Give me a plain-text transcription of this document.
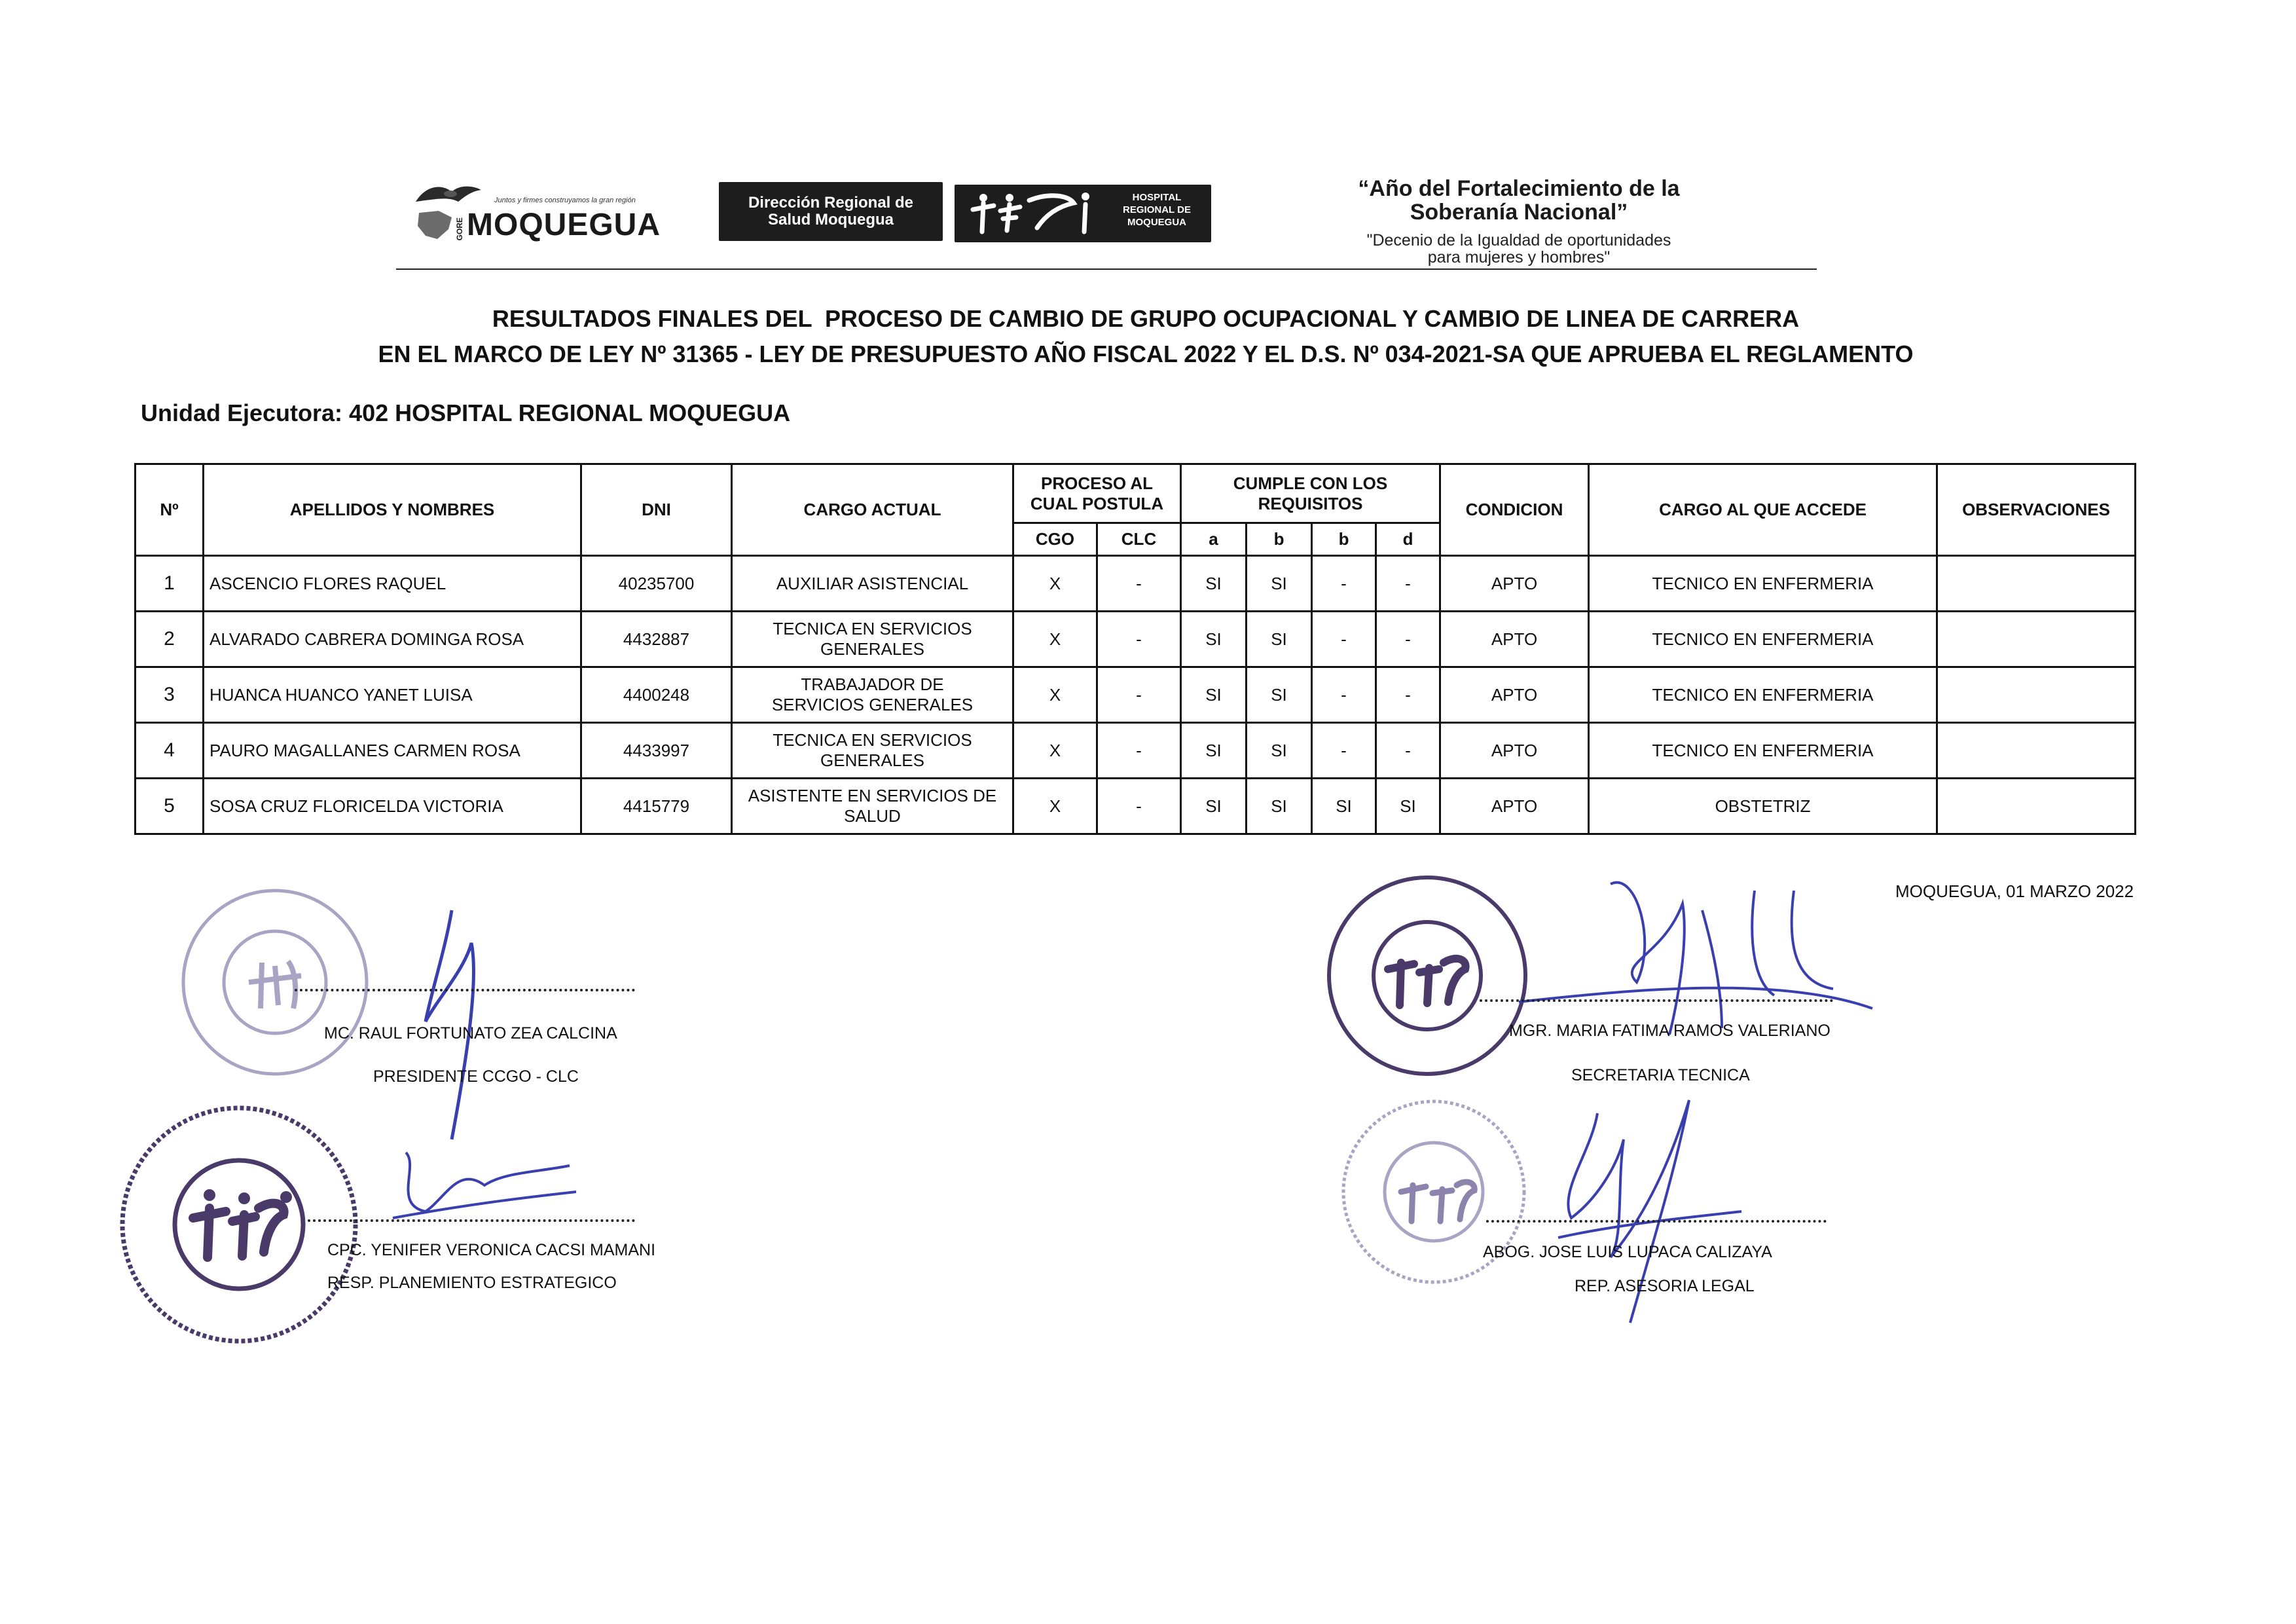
Juntos y firmes construyamos la gran región
GORE MOQUEGUA
Dirección Regional de
Salud Moquegua
HOSPITAL
REGIONAL DE
MOQUEGUA
“Año del Fortalecimiento de la
Soberanía Nacional”
"Decenio de la Igualdad de oportunidades
para mujeres y hombres"
RESULTADOS FINALES DEL  PROCESO DE CAMBIO DE GRUPO OCUPACIONAL Y CAMBIO DE LINEA DE CARRERA
EN EL MARCO DE LEY Nº 31365 - LEY DE PRESUPUESTO AÑO FISCAL 2022 Y EL D.S. Nº 034-2021-SA QUE APRUEBA EL REGLAMENTO
Unidad Ejecutora: 402 HOSPITAL REGIONAL MOQUEGUA
Nº	APELLIDOS Y NOMBRES	DNI	CARGO ACTUAL	PROCESO AL CUAL POSTULA		CUMPLE CON LOS REQUISITOS				CONDICION	CARGO AL QUE ACCEDE	OBSERVACIONES
				CGO	CLC	a	b	b	d			
1	ASCENCIO FLORES RAQUEL	40235700	AUXILIAR ASISTENCIAL	X	-	SI	SI	-	-	APTO	TECNICO EN ENFERMERIA	
2	ALVARADO CABRERA DOMINGA ROSA	4432887	TECNICA EN SERVICIOS GENERALES	X	-	SI	SI	-	-	APTO	TECNICO EN ENFERMERIA	
3	HUANCA HUANCO YANET LUISA	4400248	TRABAJADOR DE SERVICIOS GENERALES	X	-	SI	SI	-	-	APTO	TECNICO EN ENFERMERIA	
4	PAURO MAGALLANES CARMEN ROSA	4433997	TECNICA EN SERVICIOS GENERALES	X	-	SI	SI	-	-	APTO	TECNICO EN ENFERMERIA	
5	SOSA CRUZ FLORICELDA VICTORIA	4415779	ASISTENTE EN SERVICIOS DE SALUD	X	-	SI	SI	SI	SI	APTO	OBSTETRIZ	
MOQUEGUA, 01 MARZO 2022
MC. RAUL FORTUNATO ZEA CALCINA
PRESIDENTE CCGO - CLC
CPC. YENIFER VERONICA CACSI MAMANI
RESP. PLANEMIENTO ESTRATEGICO
MGR. MARIA FATIMA RAMOS VALERIANO
SECRETARIA TECNICA
ABOG. JOSE LUIS LUPACA CALIZAYA
REP. ASESORIA LEGAL
